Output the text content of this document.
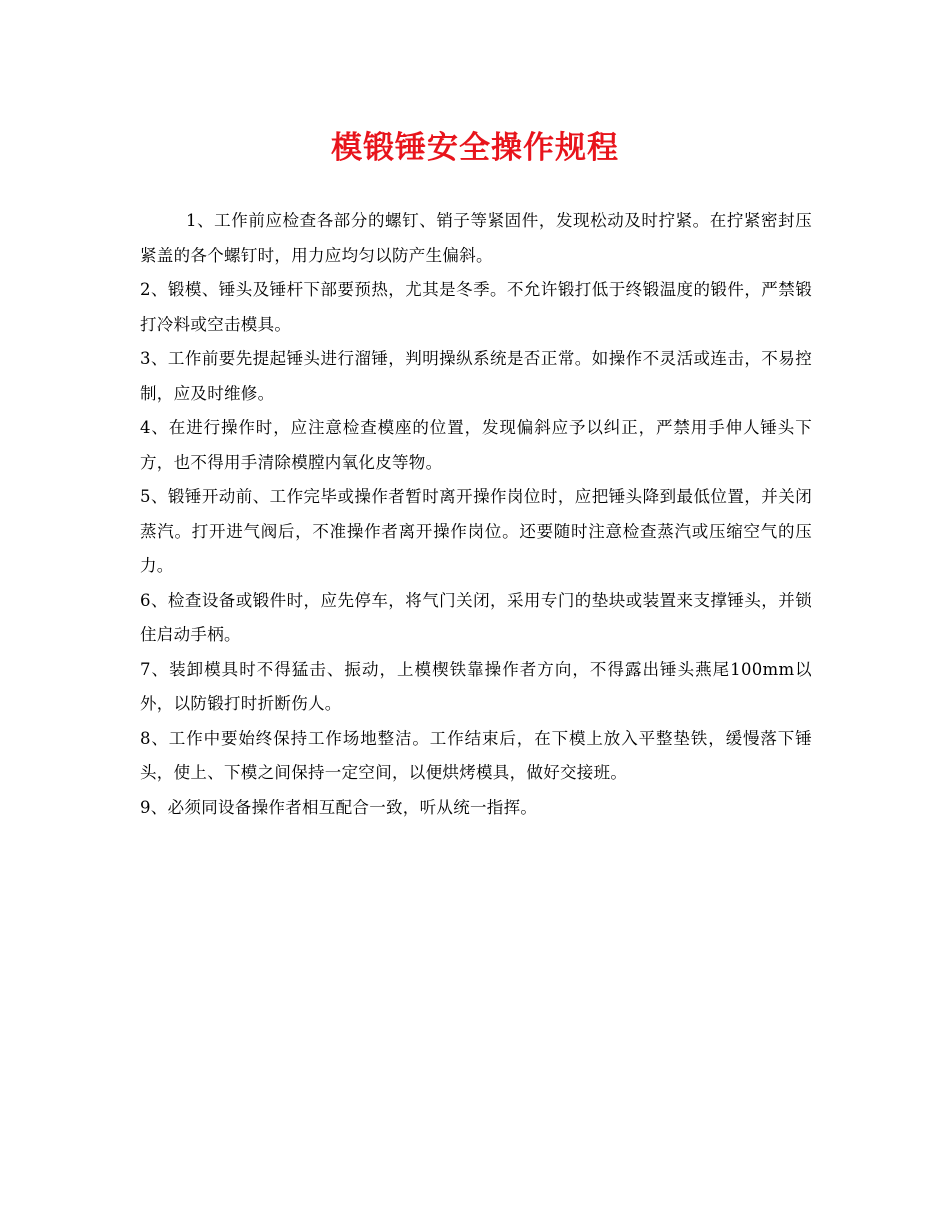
模锻锤安全操作规程

1、工作前应检查各部分的螺钉、销子等紧固件，发现松动及时拧紧。在拧紧密封压紧盖的各个螺钉时，用力应均匀以防产生偏斜。

2、锻模、锤头及锤杆下部要预热，尤其是冬季。不允许锻打低于终锻温度的锻件，严禁锻打冷料或空击模具。

3、工作前要先提起锤头进行溜锤，判明操纵系统是否正常。如操作不灵活或连击，不易控制，应及时维修。

4、在进行操作时，应注意检查模座的位置，发现偏斜应予以纠正，严禁用手伸人锤头下方，也不得用手清除模膛内氧化皮等物。

5、锻锤开动前、工作完毕或操作者暂时离开操作岗位时，应把锤头降到最低位置，并关闭蒸汽。打开进气阀后，不准操作者离开操作岗位。还要随时注意检查蒸汽或压缩空气的压力。

6、检查设备或锻件时，应先停车，将气门关闭，采用专门的垫块或装置来支撑锤头，并锁住启动手柄。

7、装卸模具时不得猛击、振动，上模楔铁靠操作者方向，不得露出锤头燕尾100mm以外，以防锻打时折断伤人。

8、工作中要始终保持工作场地整洁。工作结束后，在下模上放入平整垫铁，缓慢落下锤头，使上、下模之间保持一定空间，以便烘烤模具，做好交接班。

9、必须同设备操作者相互配合一致，听从统一指挥。
